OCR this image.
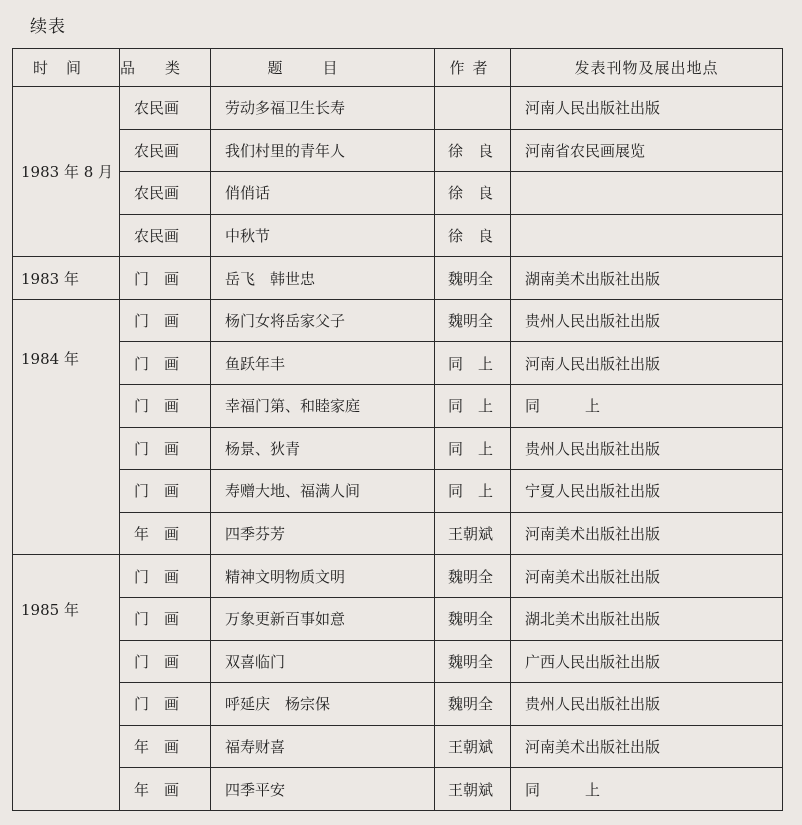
续表
时间	品类	题目	作者	发表刊物及展出地点
1983 年 8 月	农民画	劳动多福卫生长寿		河南人民出版社出版
	农民画	我们村里的青年人	徐　良	河南省农民画展览
	农民画	俏俏话	徐　良	
	农民画	中秋节	徐　良	
1983 年	门　画	岳飞　韩世忠	魏明全	湖南美术出版社出版
1984 年	门　画	杨门女将岳家父子	魏明全	贵州人民出版社出版
	门　画	鱼跃年丰	同　上	河南人民出版社出版
	门　画	幸福门第、和睦家庭	同　上	同　　　上
	门　画	杨景、狄青	同　上	贵州人民出版社出版
	门　画	寿赠大地、福满人间	同　上	宁夏人民出版社出版
	年　画	四季芬芳	王朝斌	河南美术出版社出版
1985 年	门　画	精神文明物质文明	魏明全	河南美术出版社出版
	门　画	万象更新百事如意	魏明全	湖北美术出版社出版
	门　画	双喜临门	魏明全	广西人民出版社出版
	门　画	呼延庆　杨宗保	魏明全	贵州人民出版社出版
	年　画	福寿财喜	王朝斌	河南美术出版社出版
	年　画	四季平安	王朝斌	同　　　上
